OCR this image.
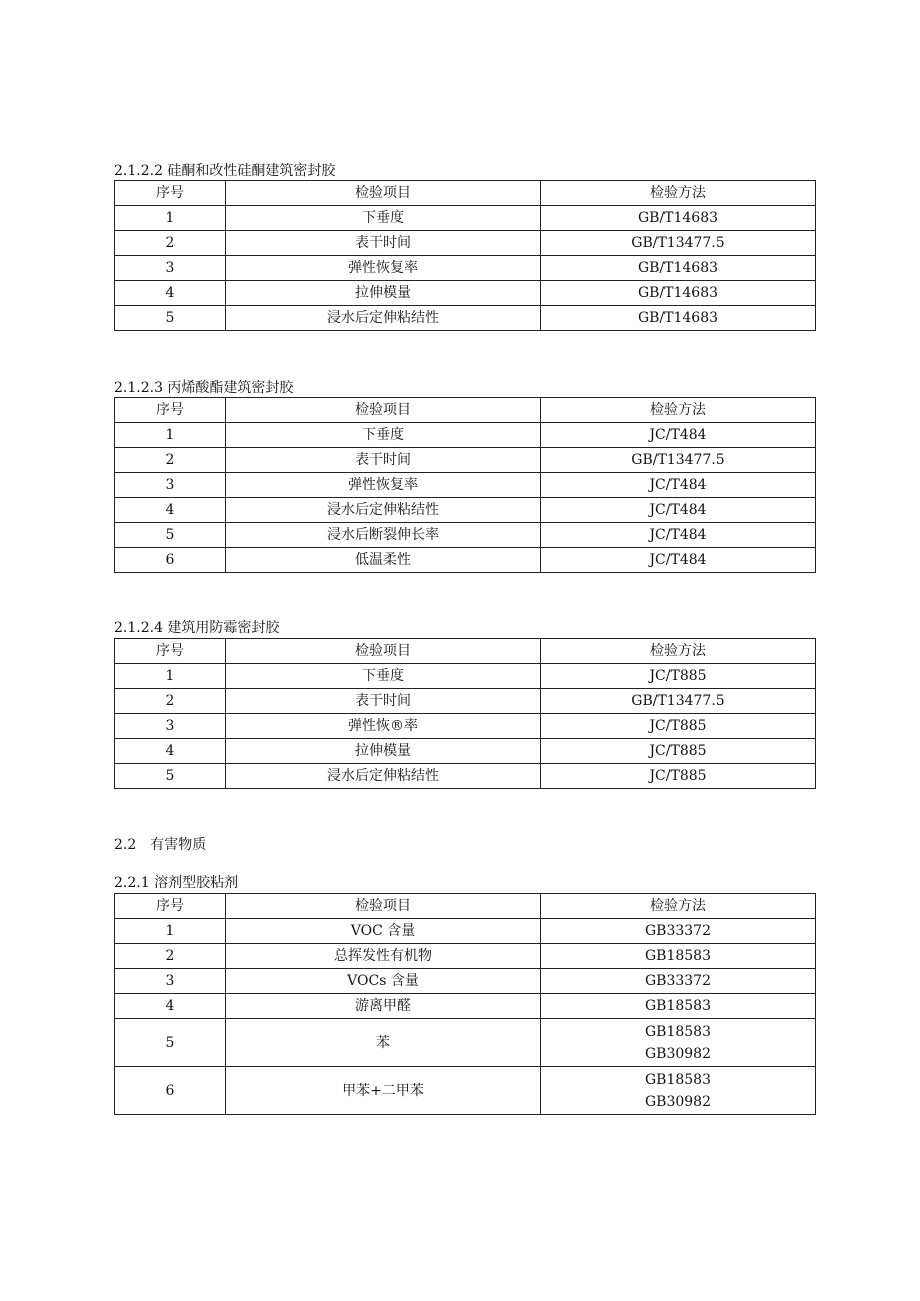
2.1.2.2 硅酮和改性硅酮建筑密封胶
序号	检验项目	检验方法
1	下垂度	GB/T14683
2	表干时间	GB/T13477.5
3	弹性恢复率	GB/T14683
4	拉伸模量	GB/T14683
5	浸水后定伸粘结性	GB/T14683
2.1.2.3 丙烯酸酯建筑密封胶
序号	检验项目	检验方法
1	下垂度	JC/T484
2	表干时间	GB/T13477.5
3	弹性恢复率	JC/T484
4	浸水后定伸粘结性	JC/T484
5	浸水后断裂伸长率	JC/T484
6	低温柔性	JC/T484
2.1.2.4 建筑用防霉密封胶
序号	检验项目	检验方法
1	下垂度	JC/T885
2	表干时间	GB/T13477.5
3	弹性恢®率	JC/T885
4	拉伸模量	JC/T885
5	浸水后定伸粘结性	JC/T885
2.2　有害物质
2.2.1 溶剂型胶粘剂
序号	检验项目	检验方法
1	VOC 含量	GB33372
2	总挥发性有机物	GB18583
3	VOCs 含量	GB33372
4	游离甲醛	GB18583
5	苯	GB18583
GB30982

6	甲苯+二甲苯	GB18583
GB30982
